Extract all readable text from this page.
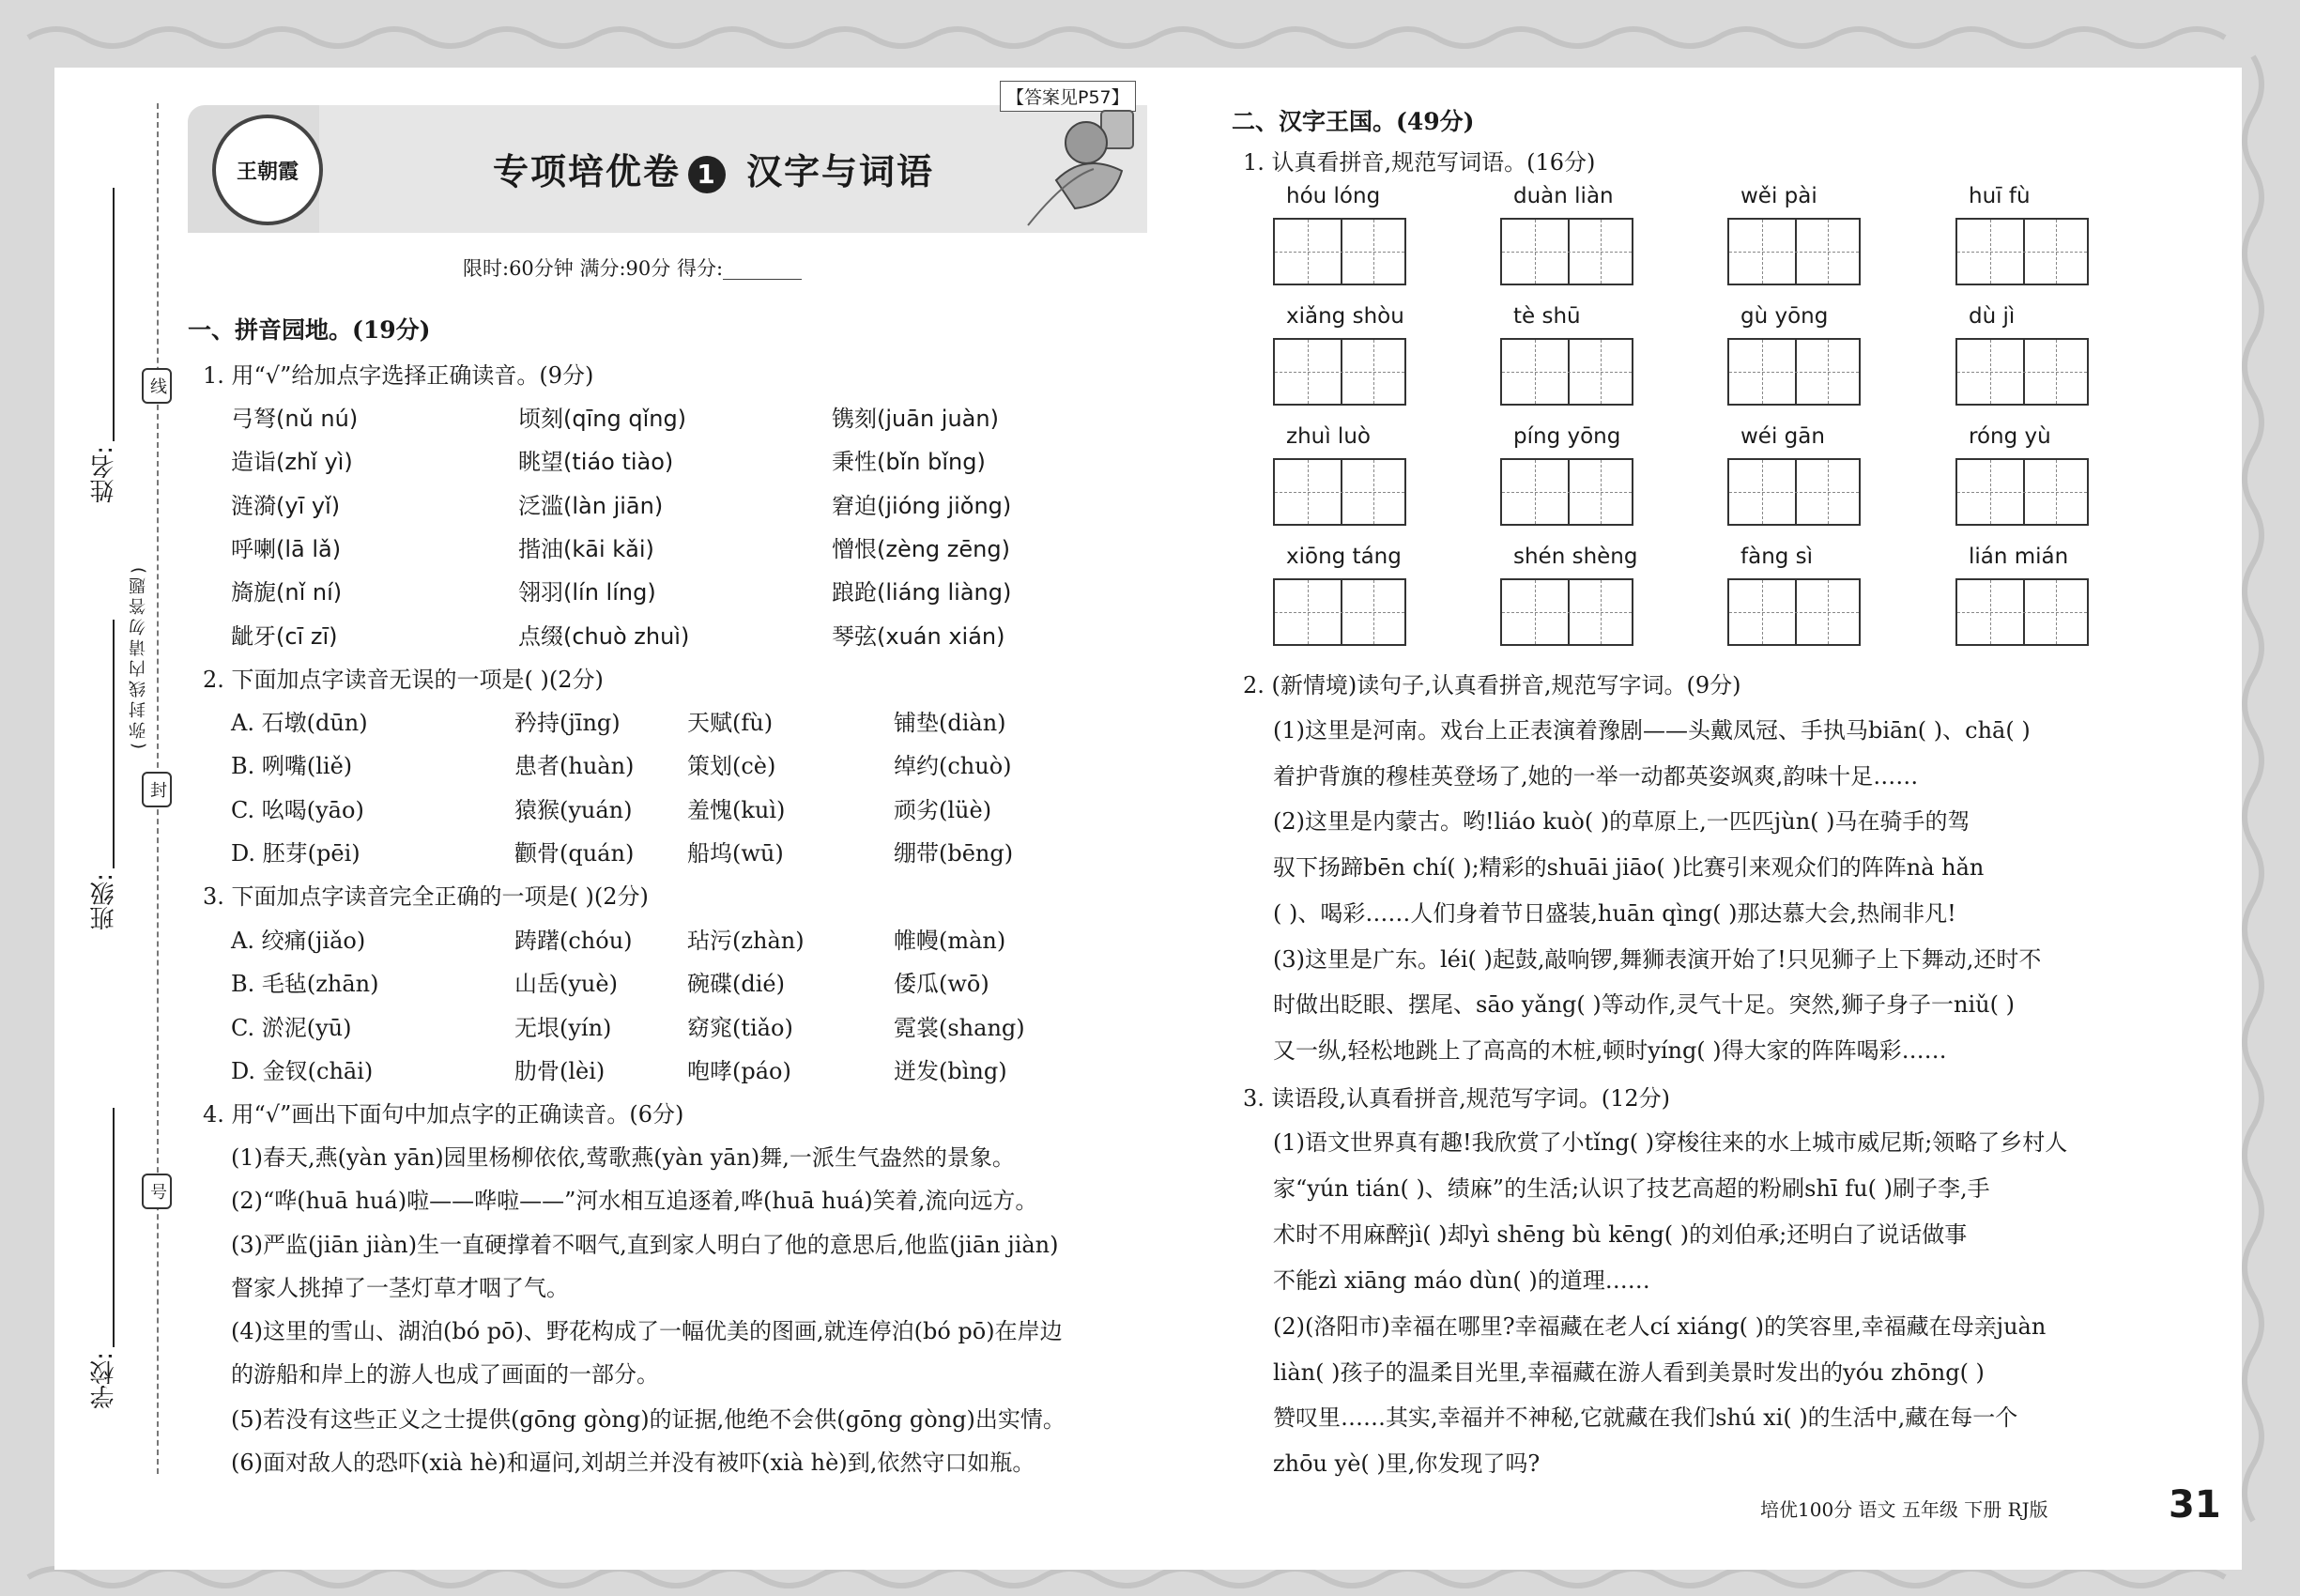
姓名:
班级:
学校:
(弥封线内请勿答题)
线
封
号
王朝霞
【答案见P57】
专项培优卷 1 汉字与词语
限时:60分钟 满分:90分 得分:________
一、拼音园地。(19分)
1. 用“√”给加点字选择正确读音。(9分)
弓弩(nǔ nú)	顷刻(qīng qǐng)	镌刻(juān juàn)
造诣(zhǐ yì)	眺望(tiáo tiào)	秉性(bǐn bǐng)
涟漪(yī yǐ)	泛滥(làn jiān)	窘迫(jióng jiǒng)
呼喇(lā lǎ)	揩油(kāi kǎi)	憎恨(zèng zēng)
旖旎(nǐ ní)	翎羽(lín líng)	踉跄(liáng liàng)
龇牙(cī zī)	点缀(chuò zhuì)	琴弦(xuán xián)
2. 下面加点字读音无误的一项是( )(2分)
A. 石墩(dūn)	矜持(jīng)	天赋(fù)	铺垫(diàn)
B. 咧嘴(liě)	患者(huàn) 策划(cè)	绰约(chuò)
C. 吆喝(yāo)	猿猴(yuán) 羞愧(kuì)	顽劣(lüè)
D. 胚芽(pēi)	颧骨(quán) 船坞(wū)	绷带(bēng)
3. 下面加点字读音完全正确的一项是( )(2分)
A. 绞痛(jiǎo)	踌躇(chóu) 玷污(zhàn)	帷幔(màn)
B. 毛毡(zhān)	山岳(yuè)	碗碟(dié)	倭瓜(wō)
C. 淤泥(yū)	无垠(yín)	窈窕(tiǎo)	霓裳(shang)
D. 金钗(chāi)	肋骨(lèi)	咆哮(páo)	迸发(bìng)
4. 用“√”画出下面句中加点字的正确读音。(6分)
(1)春天,燕(yàn yān)园里杨柳依依,莺歌燕(yàn yān)舞,一派生气盎然的景象。
(2)“哗(huā huá)啦——哗啦——”河水相互追逐着,哗(huā huá)笑着,流向远方。
(3)严监(jiān jiàn)生一直硬撑着不咽气,直到家人明白了他的意思后,他监(jiān jiàn)
督家人挑掉了一茎灯草才咽了气。
(4)这里的雪山、湖泊(bó pō)、野花构成了一幅优美的图画,就连停泊(bó pō)在岸边
的游船和岸上的游人也成了画面的一部分。
(5)若没有这些正义之士提供(gōng gòng)的证据,他绝不会供(gōng gòng)出实情。
(6)面对敌人的恐吓(xià hè)和逼问,刘胡兰并没有被吓(xià hè)到,依然守口如瓶。
二、汉字王国。(49分)
1. 认真看拼音,规范写词语。(16分)
hóu lóng	duàn liàn	wěi pài	huī fù
xiǎng shòu	tè shū	gù yōng	dù jì
zhuì luò	píng yōng	wéi gān	róng yù
xiōng táng	shén shèng	fàng sì	lián mián
2. (新情境)读句子,认真看拼音,规范写字词。(9分)
(1)这里是河南。戏台上正表演着豫剧——头戴凤冠、手执马biān( )、chā( )
着护背旗的穆桂英登场了,她的一举一动都英姿飒爽,韵味十足……
(2)这里是内蒙古。哟!liáo kuò( )的草原上,一匹匹jùn( )马在骑手的驾
驭下扬蹄bēn chí( );精彩的shuāi jiāo( )比赛引来观众们的阵阵nà hǎn
( )、喝彩……人们身着节日盛装,huān qìng( )那达慕大会,热闹非凡!
(3)这里是广东。léi( )起鼓,敲响锣,舞狮表演开始了!只见狮子上下舞动,还时不
时做出眨眼、摆尾、sāo yǎng( )等动作,灵气十足。突然,狮子身子一niǔ( )
又一纵,轻松地跳上了高高的木桩,顿时yíng( )得大家的阵阵喝彩……
3. 读语段,认真看拼音,规范写字词。(12分)
(1)语文世界真有趣!我欣赏了小tǐng( )穿梭往来的水上城市威尼斯;领略了乡村人
家“yún tián( )、绩麻”的生活;认识了技艺高超的粉刷shī fu( )刷子李,手
术时不用麻醉jì( )却yì shēng bù kēng( )的刘伯承;还明白了说话做事
不能zì xiāng máo dùn( )的道理……
(2)(洛阳市)幸福在哪里?幸福藏在老人cí xiáng( )的笑容里,幸福藏在母亲juàn
liàn( )孩子的温柔目光里,幸福藏在游人看到美景时发出的yóu zhōng( )
赞叹里……其实,幸福并不神秘,它就藏在我们shú xi( )的生活中,藏在每一个
zhōu yè( )里,你发现了吗?
培优100分 语文 五年级 下册 RJ版	31
